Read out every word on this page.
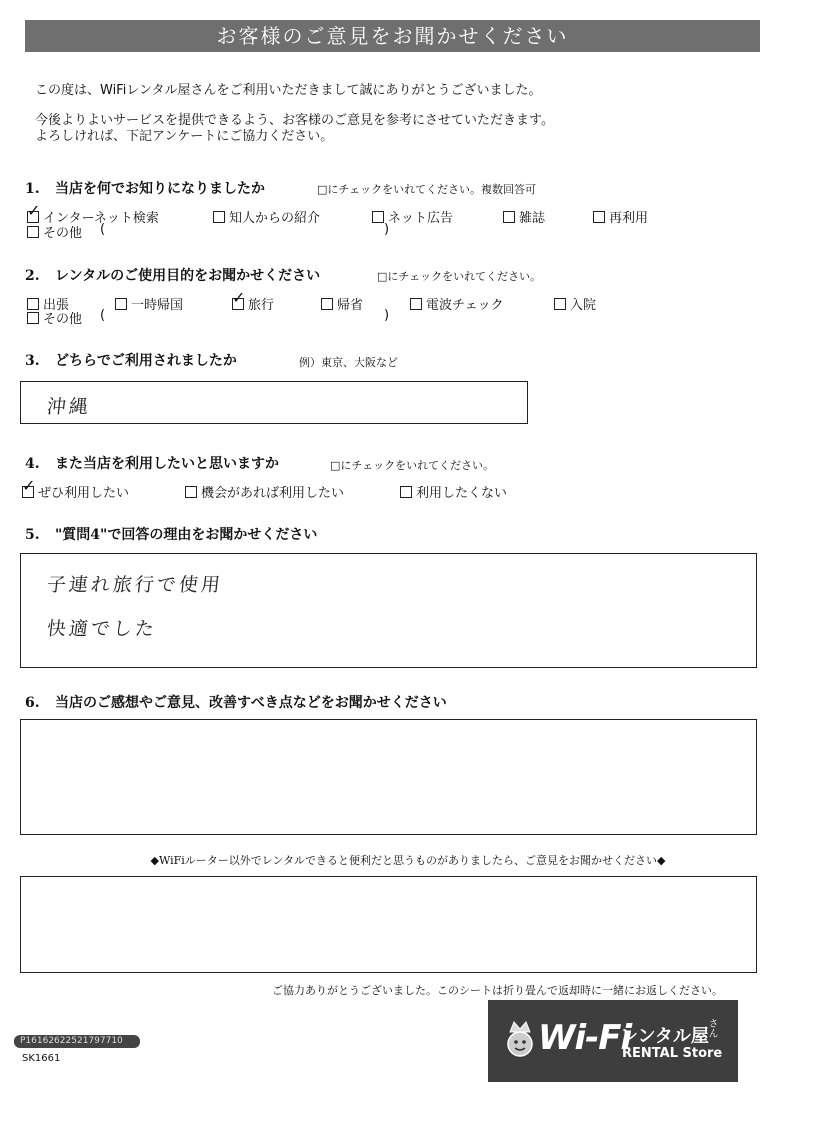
お客様のご意見をお聞かせください
この度は、WiFiレンタル屋さんをご利用いただきまして誠にありがとうございました。
今後よりよいサービスを提供できるよう、お客様のご意見を参考にさせていただきます。
よろしければ、下記アンケートにご協力ください。
1. 当店を何でお知りになりましたか	□にチェックをいれてください。複数回答可
✓ インターネット検索	知人からの紹介	ネット広告	雑誌	再利用
その他 (	)
2. レンタルのご使用目的をお聞かせください	□にチェックをいれてください。
出張	一時帰国	✓ 旅行	帰省	電波チェック	入院
その他 (	)
3. どちらでご利用されましたか	例）東京、大阪など
沖縄
4. また当店を利用したいと思いますか	□にチェックをいれてください。
✓ ぜひ利用したい	機会があれば利用したい	利用したくない
5. "質問4"で回答の理由をお聞かせください
子連れ旅行で使用
快適でした
6. 当店のご感想やご意見、改善すべき点などをお聞かせください
◆WiFiルーター以外でレンタルできると便利だと思うものがありましたら、ご意見をお聞かせください◆
ご協力ありがとうございました。このシートは折り畳んで返却時に一緒にお返しください。
P16162622521797710
SK1661
Wi-Fi
レンタル屋
さん
RENTAL Store
